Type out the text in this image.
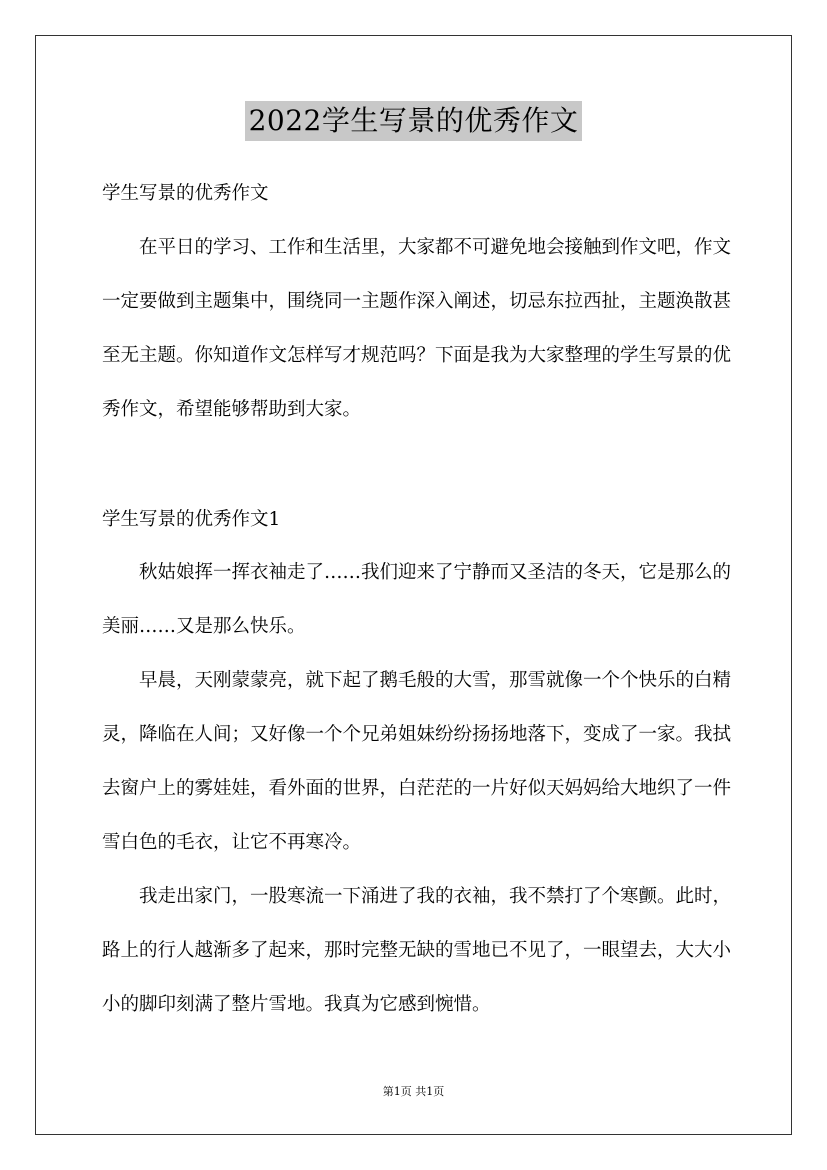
2022学生写景的优秀作文
学生写景的优秀作文
在平日的学习、工作和生活里，大家都不可避免地会接触到作文吧，作文一定要做到主题集中，围绕同一主题作深入阐述，切忌东拉西扯，主题涣散甚至无主题。你知道作文怎样写才规范吗？下面是我为大家整理的学生写景的优秀作文，希望能够帮助到大家。
学生写景的优秀作文1
秋姑娘挥一挥衣袖走了……我们迎来了宁静而又圣洁的冬天，它是那么的美丽……又是那么快乐。
早晨，天刚蒙蒙亮，就下起了鹅毛般的大雪，那雪就像一个个快乐的白精灵，降临在人间；又好像一个个兄弟姐妹纷纷扬扬地落下，变成了一家。我拭去窗户上的雾娃娃，看外面的世界，白茫茫的一片好似天妈妈给大地织了一件雪白色的毛衣，让它不再寒冷。
我走出家门，一股寒流一下涌进了我的衣袖，我不禁打了个寒颤。此时，路上的行人越渐多了起来，那时完整无缺的雪地已不见了，一眼望去，大大小小的脚印刻满了整片雪地。我真为它感到惋惜。
第1页 共1页
